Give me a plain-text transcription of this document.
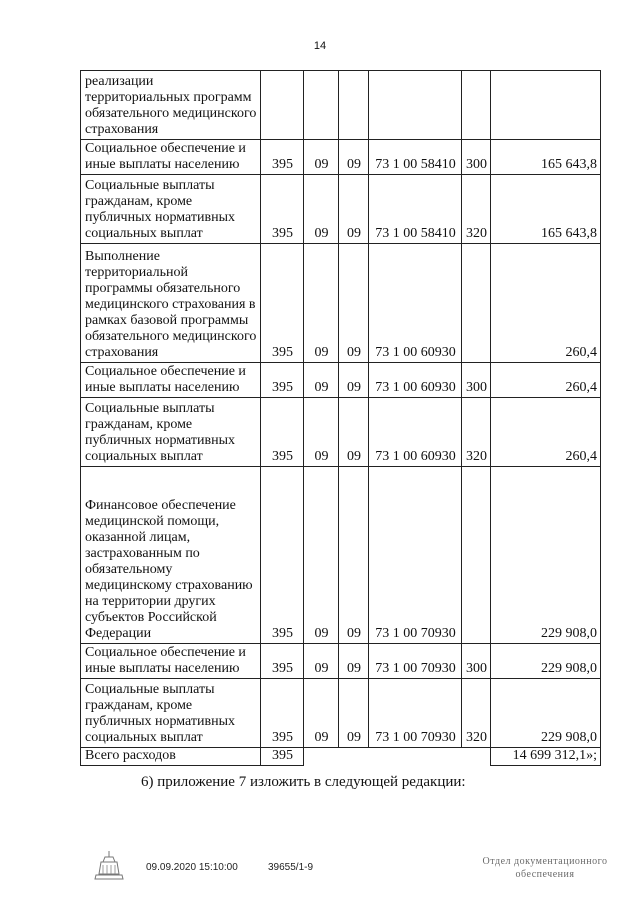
14
реализации территориальных программ обязательного медицинского страхования						
Социальное обеспечение и иные выплаты населению	395	09	09	73 1 00 58410	300	165 643,8
Социальные выплаты гражданам, кроме публичных нормативных социальных выплат	395	09	09	73 1 00 58410	320	165 643,8
Выполнение территориальной программы обязательного медицинского страхования в рамках базовой программы обязательного медицинского страхования	395	09	09	73 1 00 60930		260,4
Социальное обеспечение и иные выплаты населению	395	09	09	73 1 00 60930	300	260,4
Социальные выплаты гражданам, кроме публичных нормативных социальных выплат	395	09	09	73 1 00 60930	320	260,4
Финансовое обеспечение медицинской помощи, оказанной лицам, застрахованным по обязательному медицинскому страхованию на территории других субъектов Российской Федерации	395	09	09	73 1 00 70930		229 908,0
Социальное обеспечение и иные выплаты населению	395	09	09	73 1 00 70930	300	229 908,0
Социальные выплаты гражданам, кроме публичных нормативных социальных выплат	395	09	09	73 1 00 70930	320	229 908,0
Всего расходов	395					14 699 312,1»;
6) приложение 7 изложить в следующей редакции:
09.09.2020 15:10:00	39655/1-9
Отдел документационного
обеспечения
